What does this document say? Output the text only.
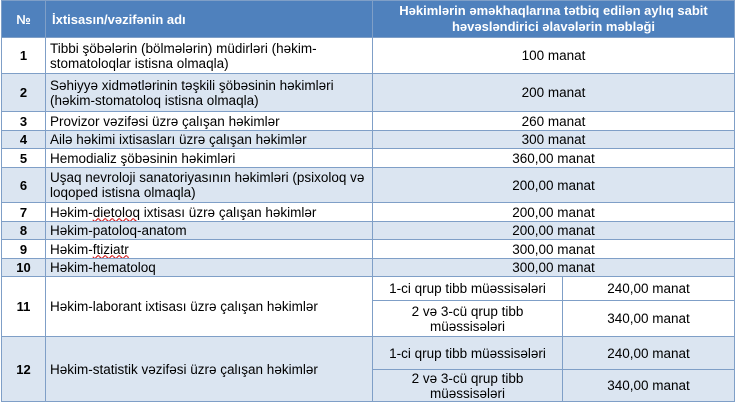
№	İxtisasın/vəzifənin adı	Həkimlərin əməkhaqlarına tətbiq edilən aylıq sabit həvəsləndirici əlavələrin məbləği	
1	Tibbi şöbələrin (bölmələrin) müdirləri (həkim-stomatoloqlar istisna olmaqla)	100 manat	
2	Səhiyyə xidmətlərinin təşkili şöbəsinin həkimləri (həkim-stomatoloq istisna olmaqla)	200 manat	
3	Provizor vəzifəsi üzrə çalışan həkimlər	260 manat	
4	Ailə həkimi ixtisasları üzrə çalışan həkimlər	300 manat	
5	Hemodializ şöbəsinin həkimləri	360,00 manat	
6	Uşaq nevroloji sanatoriyasının həkimləri (psixoloq və loqoped istisna olmaqla)	200,00 manat	
7	Həkim-dietoloq ixtisası üzrə çalışan həkimlər	200,00 manat	
8	Həkim-patoloq-anatom	200,00 manat	
9	Həkim-ftiziatr	300,00 manat	
10	Həkim-hematoloq	300,00 manat	
11	Həkim-laborant ixtisası üzrə çalışan həkimlər	1-ci qrup tibb müəssisələri	240,00 manat
		2 və 3-cü qrup tibb müəssisələri	340,00 manat
12	Həkim-statistik vəzifəsi üzrə çalışan həkimlər	1-ci qrup tibb müəssisələri	240,00 manat
		2 və 3-cü qrup tibb müəssisələri	340,00 manat
